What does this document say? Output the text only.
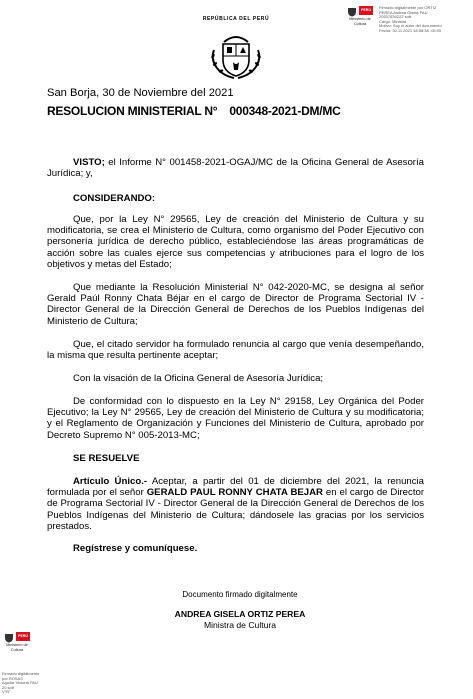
REPÚBLICA DEL PERÚ
PERÚ
Ministerio de Cultura
Firmado digitalmente por ORTIZ
PEREA Andrea Gisela FAU
20537630222 soft
Cargo: Ministra
Motivo: Soy el autor del documento
Fecha: 30.11.2021 18:58:38 -05:00
San Borja, 30 de Noviembre del 2021
RESOLUCION MINISTERIAL N° 000348-2021-DM/MC
VISTO; el Informe N° 001458-2021-OGAJ/MC de la Oficina General de Asesoría Jurídica; y,
CONSIDERANDO:
Que, por la Ley N° 29565, Ley de creación del Ministerio de Cultura y su modificatoria, se crea el Ministerio de Cultura, como organismo del Poder Ejecutivo con personería jurídica de derecho público, estableciéndose las áreas programáticas de acción sobre las cuales ejerce sus competencias y atribuciones para el logro de los objetivos y metas del Estado;
Que mediante la Resolución Ministerial N° 042-2020-MC, se designa al señor Gerald Paúl Ronny Chata Béjar en el cargo de Director de Programa Sectorial IV - Director General de la Dirección General de Derechos de los Pueblos Indígenas del Ministerio de Cultura;
Que, el citado servidor ha formulado renuncia al cargo que venía desempeñando, la misma que resulta pertinente aceptar;
Con la visación de la Oficina General de Asesoría Jurídica;
De conformidad con lo dispuesto en la Ley N° 29158, Ley Orgánica del Poder Ejecutivo; la Ley N° 29565, Ley de creación del Ministerio de Cultura y su modificatoria; y el Reglamento de Organización y Funciones del Ministerio de Cultura, aprobado por Decreto Supremo N° 005-2013-MC;
SE RESUELVE
Artículo Único.- Aceptar, a partir del 01 de diciembre del 2021, la renuncia formulada por el señor GERALD PAUL RONNY CHATA BEJAR en el cargo de Director de Programa Sectorial IV - Director General de la Dirección General de Derechos de los Pueblos Indígenas del Ministerio de Cultura; dándosele las gracias por los servicios prestados.
Regístrese y comuníquese.
Documento firmado digitalmente
ANDREA GISELA ORTIZ PEREA
Ministra de Cultura
PERÚ
Ministerio de Cultura
Firmado digitalmente por ROSAS
Aguilar Victoria FAU
20 soft
V°B°
